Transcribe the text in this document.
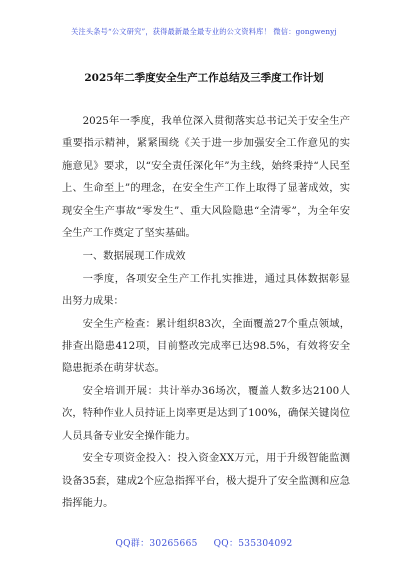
关注头条号“公文研究”，获得最新最全最专业的公文资料库！ 微信：gongwenyj
2025年二季度安全生产工作总结及三季度工作计划

2025年一季度，我单位深入贯彻落实总书记关于安全生产重要指示精神，紧紧围绕《关于进一步加强安全工作意见的实施意见》要求，以“安全责任深化年”为主线，始终秉持“人民至上、生命至上”的理念，在安全生产工作上取得了显著成效，实现安全生产事故“零发生”、重大风险隐患“全清零”，为全年安全生产工作奠定了坚实基础。

一、数据展现工作成效

一季度，各项安全生产工作扎实推进，通过具体数据彰显出努力成果：

安全生产检查：累计组织83次，全面覆盖27个重点领域，排查出隐患412项，目前整改完成率已达98.5%，有效将安全隐患扼杀在萌芽状态。

安全培训开展：共计举办36场次，覆盖人数多达2100人次，特种作业人员持证上岗率更是达到了100%，确保关键岗位人员具备专业安全操作能力。

安全专项资金投入：投入资金XX万元，用于升级智能监测设备35套，建成2个应急指挥平台，极大提升了安全监测和应急指挥能力。

QQ群：30265665 QQ：535304092
